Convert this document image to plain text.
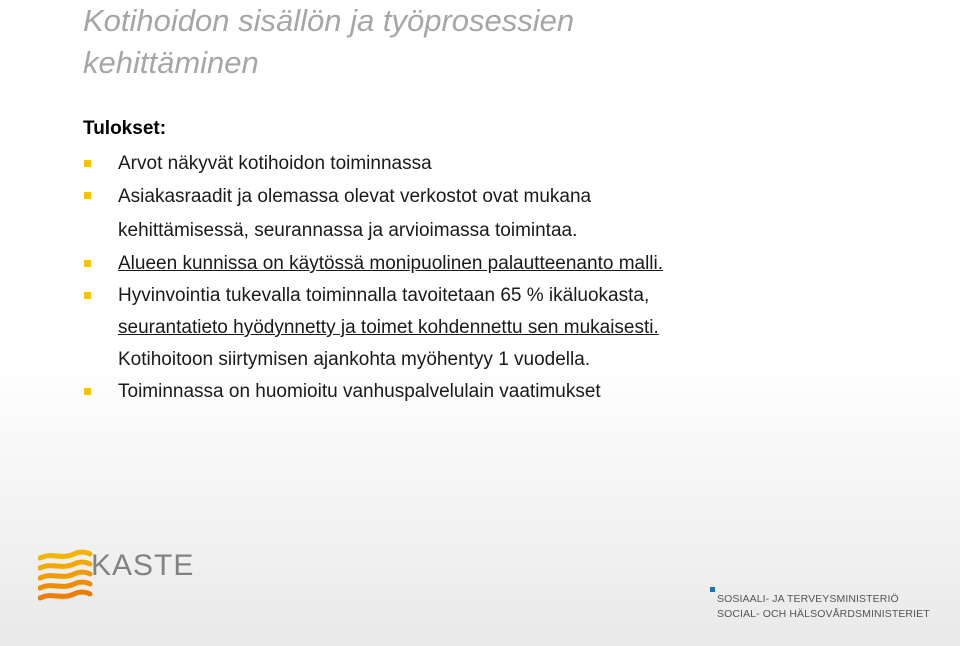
Kotihoidon sisällön ja työprosessien
kehittäminen
Tulokset:
Arvot näkyvät kotihoidon toiminnassa
Asiakasraadit ja olemassa olevat verkostot ovat mukana
kehittämisessä, seurannassa ja arvioimassa toimintaa.
Alueen kunnissa on käytössä monipuolinen palautteenanto malli.
Hyvinvointia tukevalla toiminnalla tavoitetaan 65 % ikäluokasta,
seurantatieto hyödynnetty ja toimet kohdennettu sen mukaisesti.
Kotihoitoon siirtymisen ajankohta myöhentyy 1 vuodella.
Toiminnassa on huomioitu vanhuspalvelulain vaatimukset
KASTE
SOSIAALI- JA TERVEYSMINISTERIÖ
SOCIAL- OCH HÄLSOVÅRDSMINISTERIET
